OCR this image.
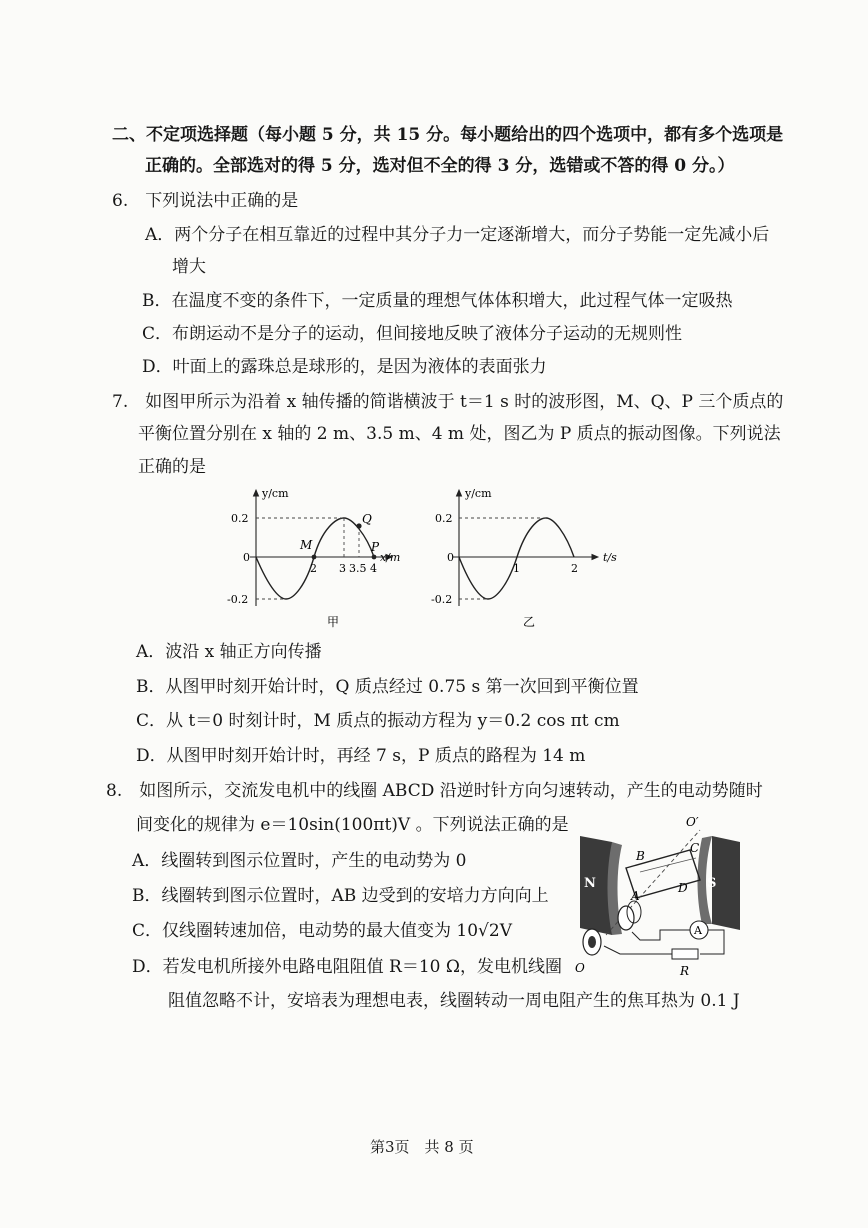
二、不定项选择题（每小题 5 分，共 15 分。每小题给出的四个选项中，都有多个选项是
正确的。全部选对的得 5 分，选对但不全的得 3 分，选错或不答的得 0 分。）
6.　下列说法中正确的是
A．两个分子在相互靠近的过程中其分子力一定逐渐增大，而分子势能一定先减小后
增大
B．在温度不变的条件下，一定质量的理想气体体积增大，此过程气体一定吸热
C．布朗运动不是分子的运动，但间接地反映了液体分子运动的无规则性
D．叶面上的露珠总是球形的，是因为液体的表面张力
7.　如图甲所示为沿着 x 轴传播的简谐横波于 t＝1 s 时的波形图，M、Q、P 三个质点的
平衡位置分别在 x 轴的 2 m、3.5 m、4 m 处，图乙为 P 质点的振动图像。下列说法
正确的是
y/cm
x/m
0.2
0
-0.2
2 3 3.5 4
M
Q
P
甲
y/cm
t/s
0.2
0
-0.2
1	2
乙
A．波沿 x 轴正方向传播
B．从图甲时刻开始计时，Q 质点经过 0.75 s 第一次回到平衡位置
C．从 t＝0 时刻计时，M 质点的振动方程为 y＝0.2 cos πt cm
D．从图甲时刻开始计时，再经 7 s，P 质点的路程为 14 m
8.　如图所示，交流发电机中的线圈 ABCD 沿逆时针方向匀速转动，产生的电动势随时
间变化的规律为 e＝10sin(100πt)V 。下列说法正确的是
A．线圈转到图示位置时，产生的电动势为 0
B．线圈转到图示位置时，AB 边受到的安培力方向向上
C．仅线圈转速加倍，电动势的最大值变为 10√2V
D．若发电机所接外电路电阻阻值 R＝10 Ω，发电机线圈
阻值忽略不计，安培表为理想电表，线圈转动一周电阻产生的焦耳热为 0.1 J
N	S
A
B
C
A
D
O′
O	R
第3页　共 8 页
